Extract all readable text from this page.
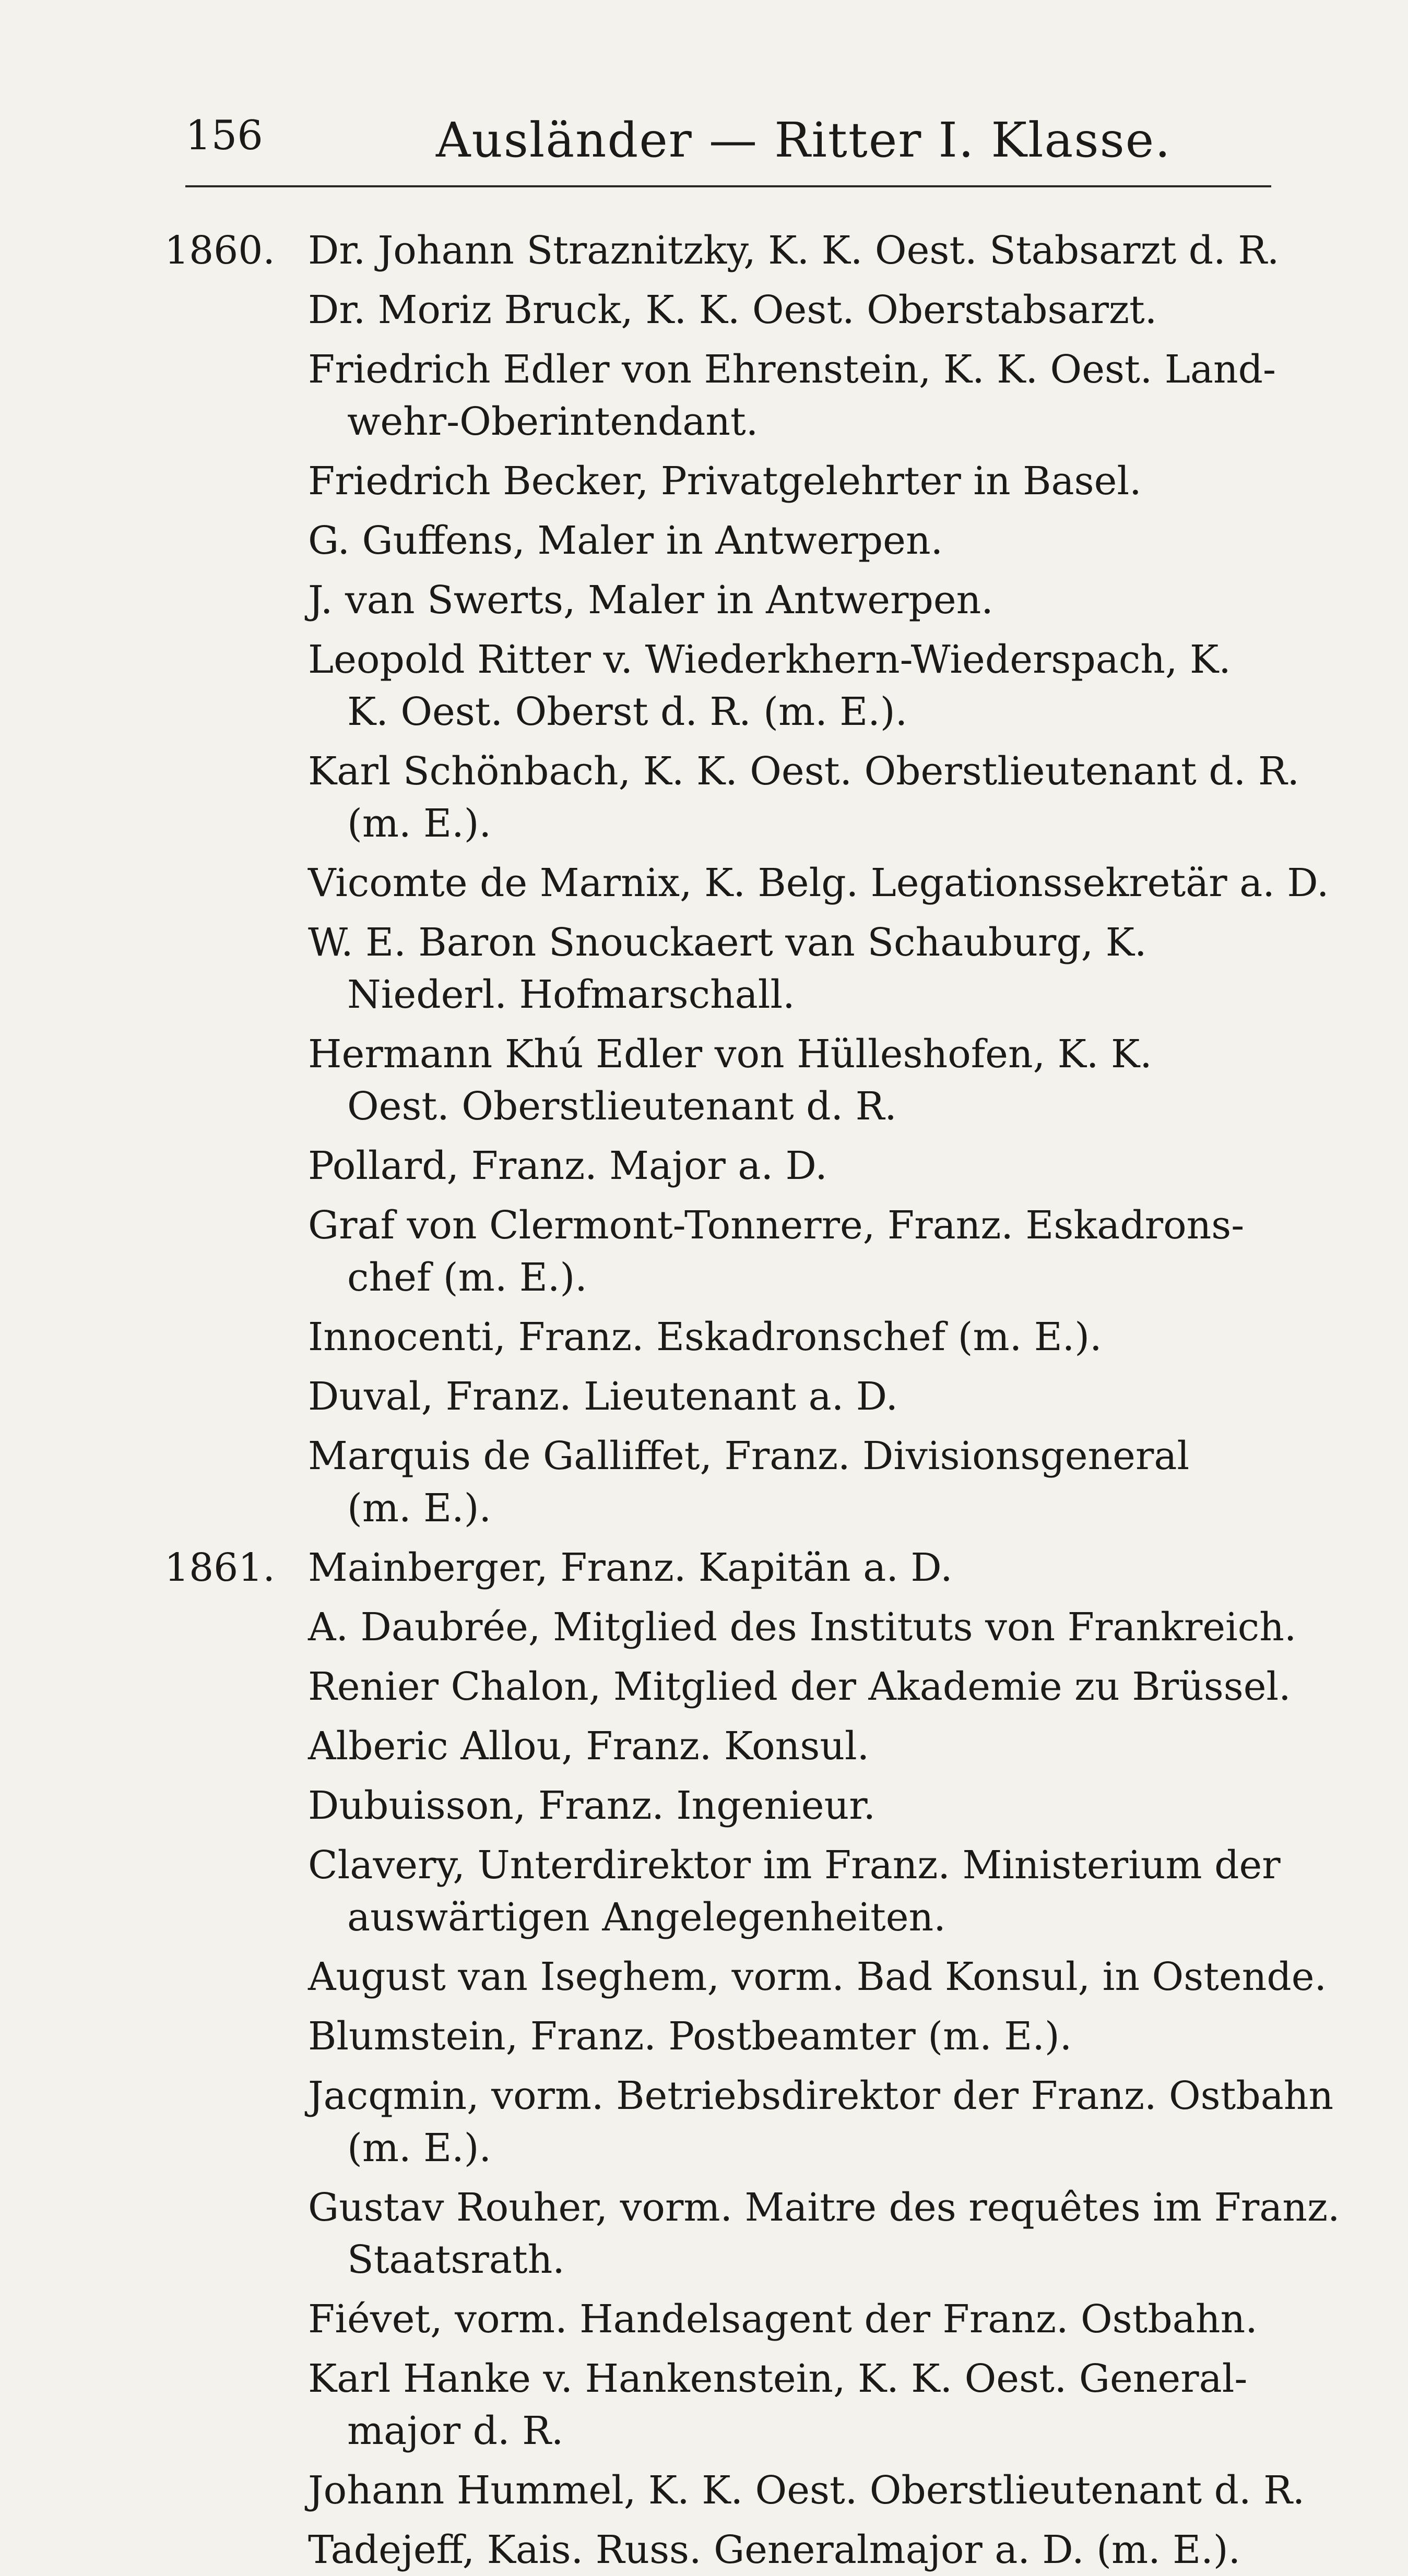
156	Ausländer — Ritter I. Klasse.
1860. Dr. Johann Straznitzky, K. K. Oest. Stabsarzt d. R.
Dr. Moriz Bruck, K. K. Oest. Oberstabsarzt.
Friedrich Edler von Ehrenstein, K. K. Oest. Land-
wehr-Oberintendant.
Friedrich Becker, Privatgelehrter in Basel.
G. Guffens, Maler in Antwerpen.
J. van Swerts, Maler in Antwerpen.
Leopold Ritter v. Wiederkhern-Wiederspach, K.
K. Oest. Oberst d. R. (m. E.).
Karl Schönbach, K. K. Oest. Oberstlieutenant d. R.
(m. E.).
Vicomte de Marnix, K. Belg. Legationssekretär a. D.
W. E. Baron Snouckaert van Schauburg, K.
Niederl. Hofmarschall.
Hermann Khú Edler von Hülleshofen, K. K.
Oest. Oberstlieutenant d. R.
Pollard, Franz. Major a. D.
Graf von Clermont-Tonnerre, Franz. Eskadrons-
chef (m. E.).
Innocenti, Franz. Eskadronschef (m. E.).
Duval, Franz. Lieutenant a. D.
Marquis de Galliffet, Franz. Divisionsgeneral
(m. E.).
1861. Mainberger, Franz. Kapitän a. D.
A. Daubrée, Mitglied des Instituts von Frankreich.
Renier Chalon, Mitglied der Akademie zu Brüssel.
Alberic Allou, Franz. Konsul.
Dubuisson, Franz. Ingenieur.
Clavery, Unterdirektor im Franz. Ministerium der
auswärtigen Angelegenheiten.
August van Iseghem, vorm. Bad Konsul, in Ostende.
Blumstein, Franz. Postbeamter (m. E.).
Jacqmin, vorm. Betriebsdirektor der Franz. Ostbahn
(m. E.).
Gustav Rouher, vorm. Maitre des requêtes im Franz.
Staatsrath.
Fiévet, vorm. Handelsagent der Franz. Ostbahn.
Karl Hanke v. Hankenstein, K. K. Oest. General-
major d. R.
Johann Hummel, K. K. Oest. Oberstlieutenant d. R.
Tadejeff, Kais. Russ. Generalmajor a. D. (m. E.).
